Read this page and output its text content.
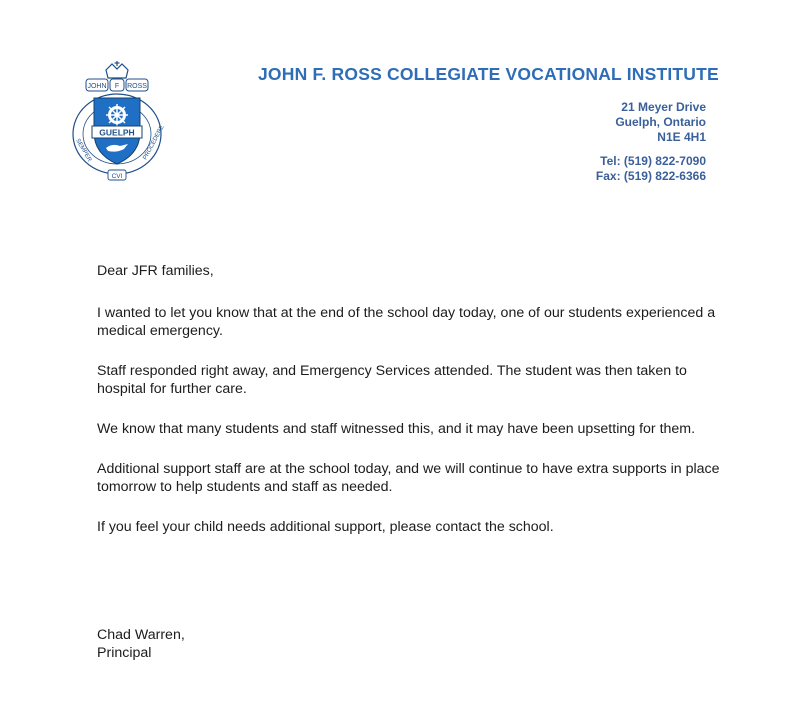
JOHN F ROSS
GUELPH
SEMPER	PROCEDERE
CVI
JOHN F. ROSS COLLEGIATE VOCATIONAL INSTITUTE
21 Meyer Drive
Guelph, Ontario
N1E 4H1
Tel: (519) 822-7090
Fax: (519) 822-6366

Dear JFR families,

I wanted to let you know that at the end of the school day today, one of our students experienced a medical emergency.

Staff responded right away, and Emergency Services attended. The student was then taken to hospital for further care.

We know that many students and staff witnessed this, and it may have been upsetting for them.

Additional support staff are at the school today, and we will continue to have extra supports in place tomorrow to help students and staff as needed.

If you feel your child needs additional support, please contact the school.

Chad Warren,
Principal
